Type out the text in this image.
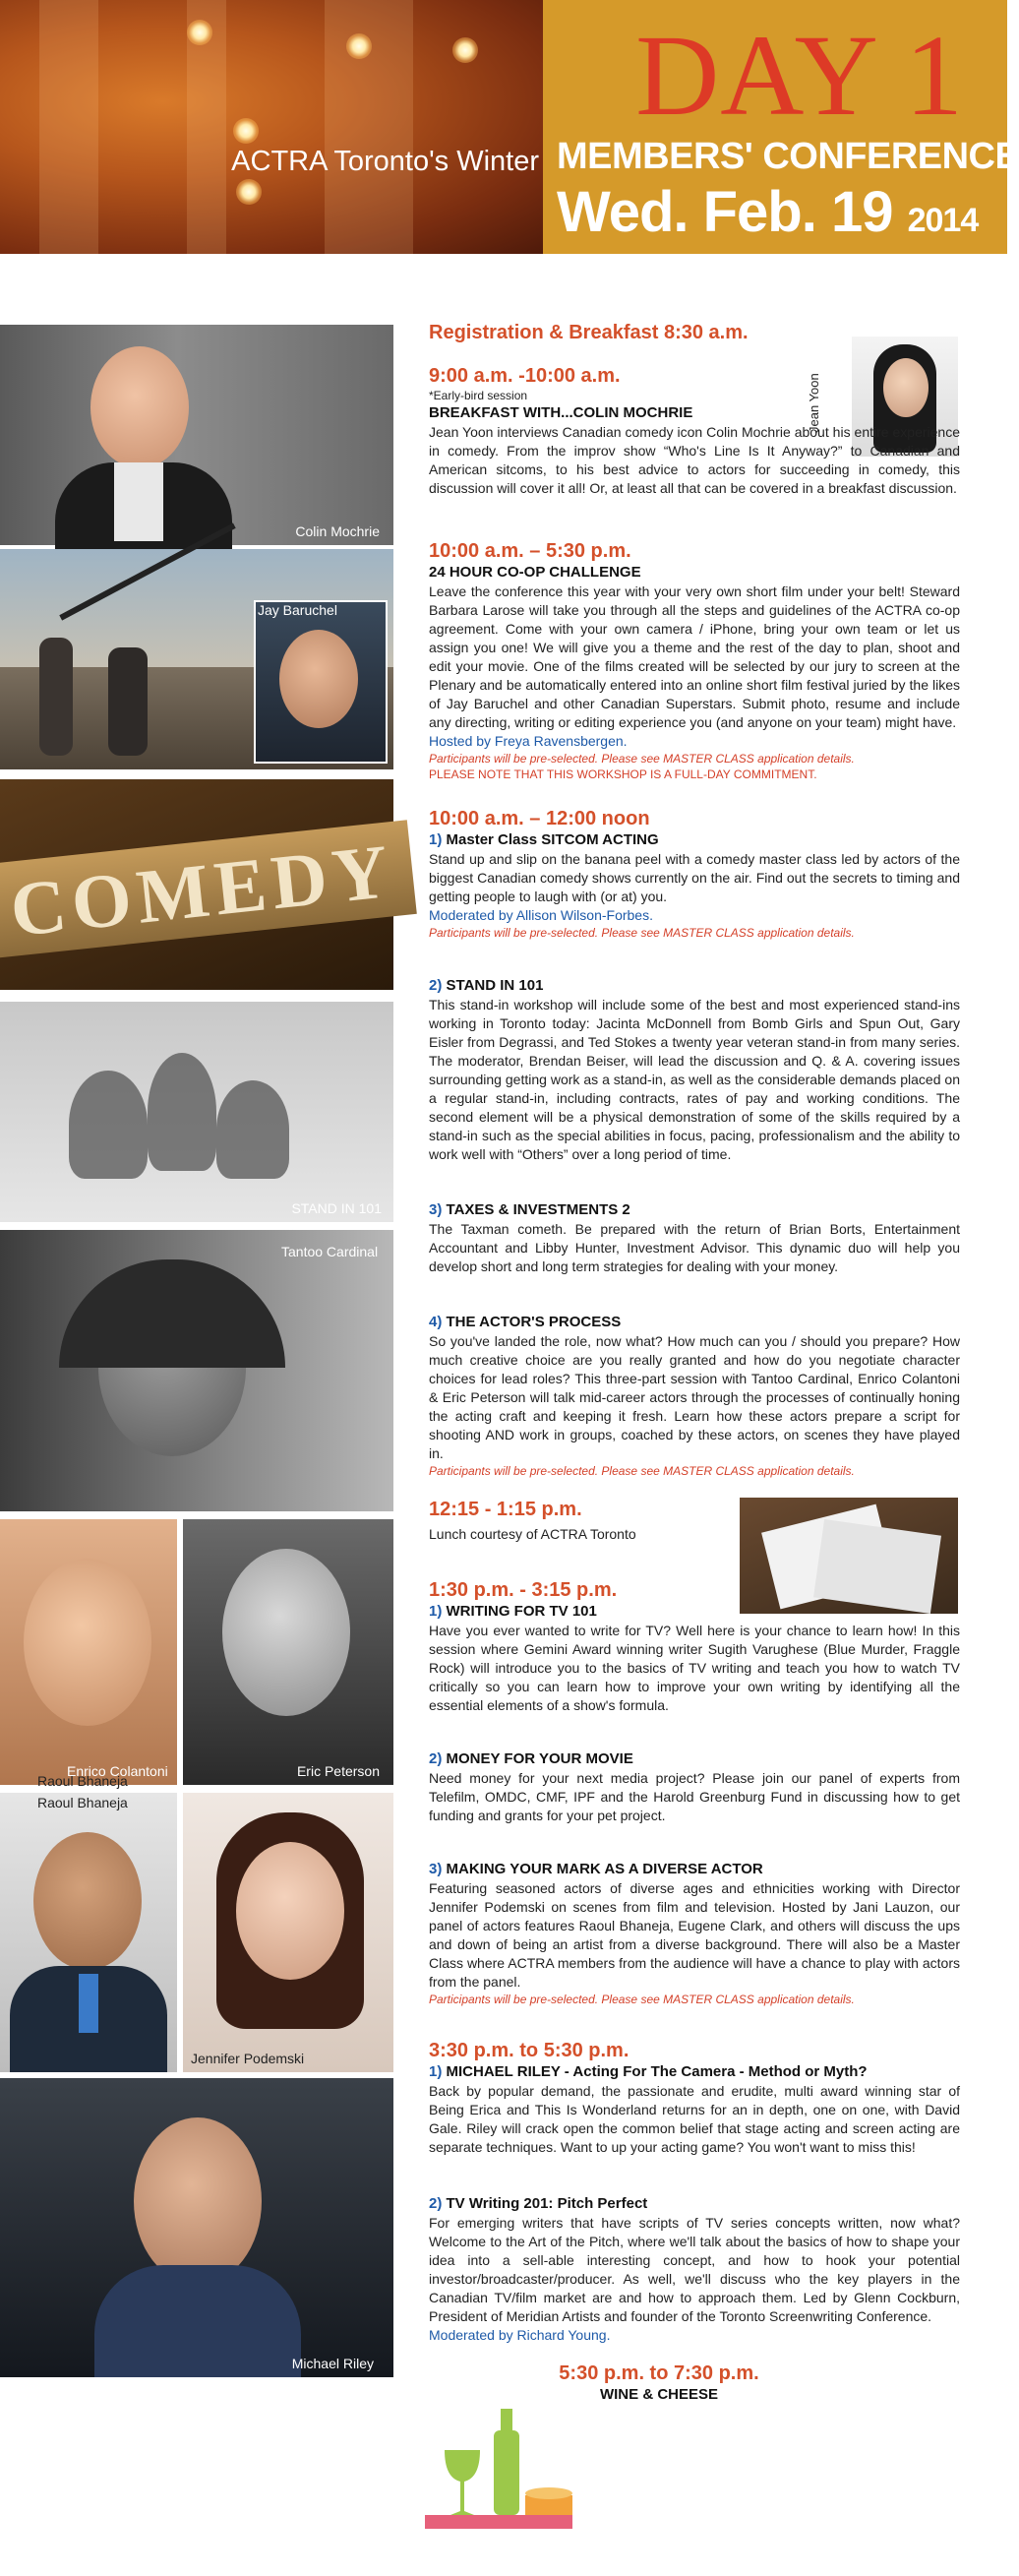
DAY 1
ACTRA Toronto's Winter MEMBERS' CONFERENCE
Wed. Feb. 19 2014
Colin Mochrie
Jay Baruchel
COMEDY
STAND IN 101
Tantoo Cardinal
Enrico Colantoni	Eric Peterson
Raoul Bhaneja
Raoul Bhaneja
Jennifer Podemski
Michael Riley
Jean Yoon
Registration & Breakfast 8:30 a.m.
9:00 a.m. -10:00 a.m.
*Early-bird session
BREAKFAST WITH...COLIN MOCHRIE
Jean Yoon interviews Canadian comedy icon Colin Mochrie about his entire experience in comedy. From the improv show “Who's Line Is It Anyway?” to Canadian and American sitcoms, to his best advice to actors for succeeding in comedy, this discussion will cover it all! Or, at least all that can be covered in a breakfast discussion.
10:00 a.m. – 5:30 p.m.
24 HOUR CO-OP CHALLENGE
Leave the conference this year with your very own short film under your belt! Steward Barbara Larose will take you through all the steps and guidelines of the ACTRA co-op agreement. Come with your own camera / iPhone, bring your own team or let us assign you one! We will give you a theme and the rest of the day to plan, shoot and edit your movie. One of the films created will be selected by our jury to screen at the Plenary and be automatically entered into an online short film festival juried by the likes of Jay Baruchel and other Canadian Superstars. Submit photo, resume and include any directing, writing or editing experience you (and anyone on your team) might have.
Hosted by Freya Ravensbergen.
Participants will be pre-selected. Please see MASTER CLASS application details.
PLEASE NOTE THAT THIS WORKSHOP IS A FULL-DAY COMMITMENT.
10:00 a.m. – 12:00 noon
1) Master Class SITCOM ACTING
Stand up and slip on the banana peel with a comedy master class led by actors of the biggest Canadian comedy shows currently on the air. Find out the secrets to timing and getting people to laugh with (or at) you.
Moderated by Allison Wilson-Forbes.
Participants will be pre-selected. Please see MASTER CLASS application details.
2) STAND IN 101
This stand-in workshop will include some of the best and most experienced stand-ins working in Toronto today: Jacinta McDonnell from Bomb Girls and Spun Out, Gary Eisler from Degrassi, and Ted Stokes a twenty year veteran stand-in from many series. The moderator, Brendan Beiser, will lead the discussion and Q. & A. covering issues surrounding getting work as a stand-in, as well as the considerable demands placed on a regular stand-in, including contracts, rates of pay and working conditions. The second element will be a physical demonstration of some of the skills required by a stand-in such as the special abilities in focus, pacing, professionalism and the ability to work well with “Others” over a long period of time.
3) TAXES & INVESTMENTS 2
The Taxman cometh. Be prepared with the return of Brian Borts, Entertainment Accountant and Libby Hunter, Investment Advisor. This dynamic duo will help you develop short and long term strategies for dealing with your money.
4) THE ACTOR'S PROCESS
So you've landed the role, now what? How much can you / should you prepare? How much creative choice are you really granted and how do you negotiate character choices for lead roles? This three-part session with Tantoo Cardinal, Enrico Colantoni & Eric Peterson will talk mid-career actors through the processes of continually honing the acting craft and keeping it fresh. Learn how these actors prepare a script for shooting AND work in groups, coached by these actors, on scenes they have played in.
Participants will be pre-selected. Please see MASTER CLASS application details.
12:15 - 1:15 p.m.
Lunch courtesy of ACTRA Toronto
1:30 p.m. - 3:15 p.m.
1) WRITING FOR TV 101
Have you ever wanted to write for TV? Well here is your chance to learn how! In this session where Gemini Award winning writer Sugith Varughese (Blue Murder, Fraggle Rock) will introduce you to the basics of TV writing and teach you how to watch TV critically so you can learn how to improve your own writing by identifying all the essential elements of a show's formula.
2) MONEY FOR YOUR MOVIE
Need money for your next media project? Please join our panel of experts from Telefilm, OMDC, CMF, IPF and the Harold Greenburg Fund in discussing how to get funding and grants for your pet project.
3) MAKING YOUR MARK AS A DIVERSE ACTOR
Featuring seasoned actors of diverse ages and ethnicities working with Director Jennifer Podemski on scenes from film and television. Hosted by Jani Lauzon, our panel of actors features Raoul Bhaneja, Eugene Clark, and others will discuss the ups and down of being an artist from a diverse background. There will also be a Master Class where ACTRA members from the audience will have a chance to play with actors from the panel.
Participants will be pre-selected. Please see MASTER CLASS application details.
3:30 p.m. to 5:30 p.m.
1) MICHAEL RILEY - Acting For The Camera - Method or Myth?
Back by popular demand, the passionate and erudite, multi award winning star of Being Erica and This Is Wonderland returns for an in depth, one on one, with David Gale. Riley will crack open the common belief that stage acting and screen acting are separate techniques. Want to up your acting game? You won't want to miss this!
2) TV Writing 201: Pitch Perfect
For emerging writers that have scripts of TV series concepts written, now what? Welcome to the Art of the Pitch, where we'll talk about the basics of how to shape your idea into a sell-able interesting concept, and how to hook your potential investor/broadcaster/producer. As well, we'll discuss who the key players in the Canadian TV/film market are and how to approach them. Led by Glenn Cockburn, President of Meridian Artists and founder of the Toronto Screenwriting Conference.
Moderated by Richard Young.
5:30 p.m. to 7:30 p.m.
WINE & CHEESE
